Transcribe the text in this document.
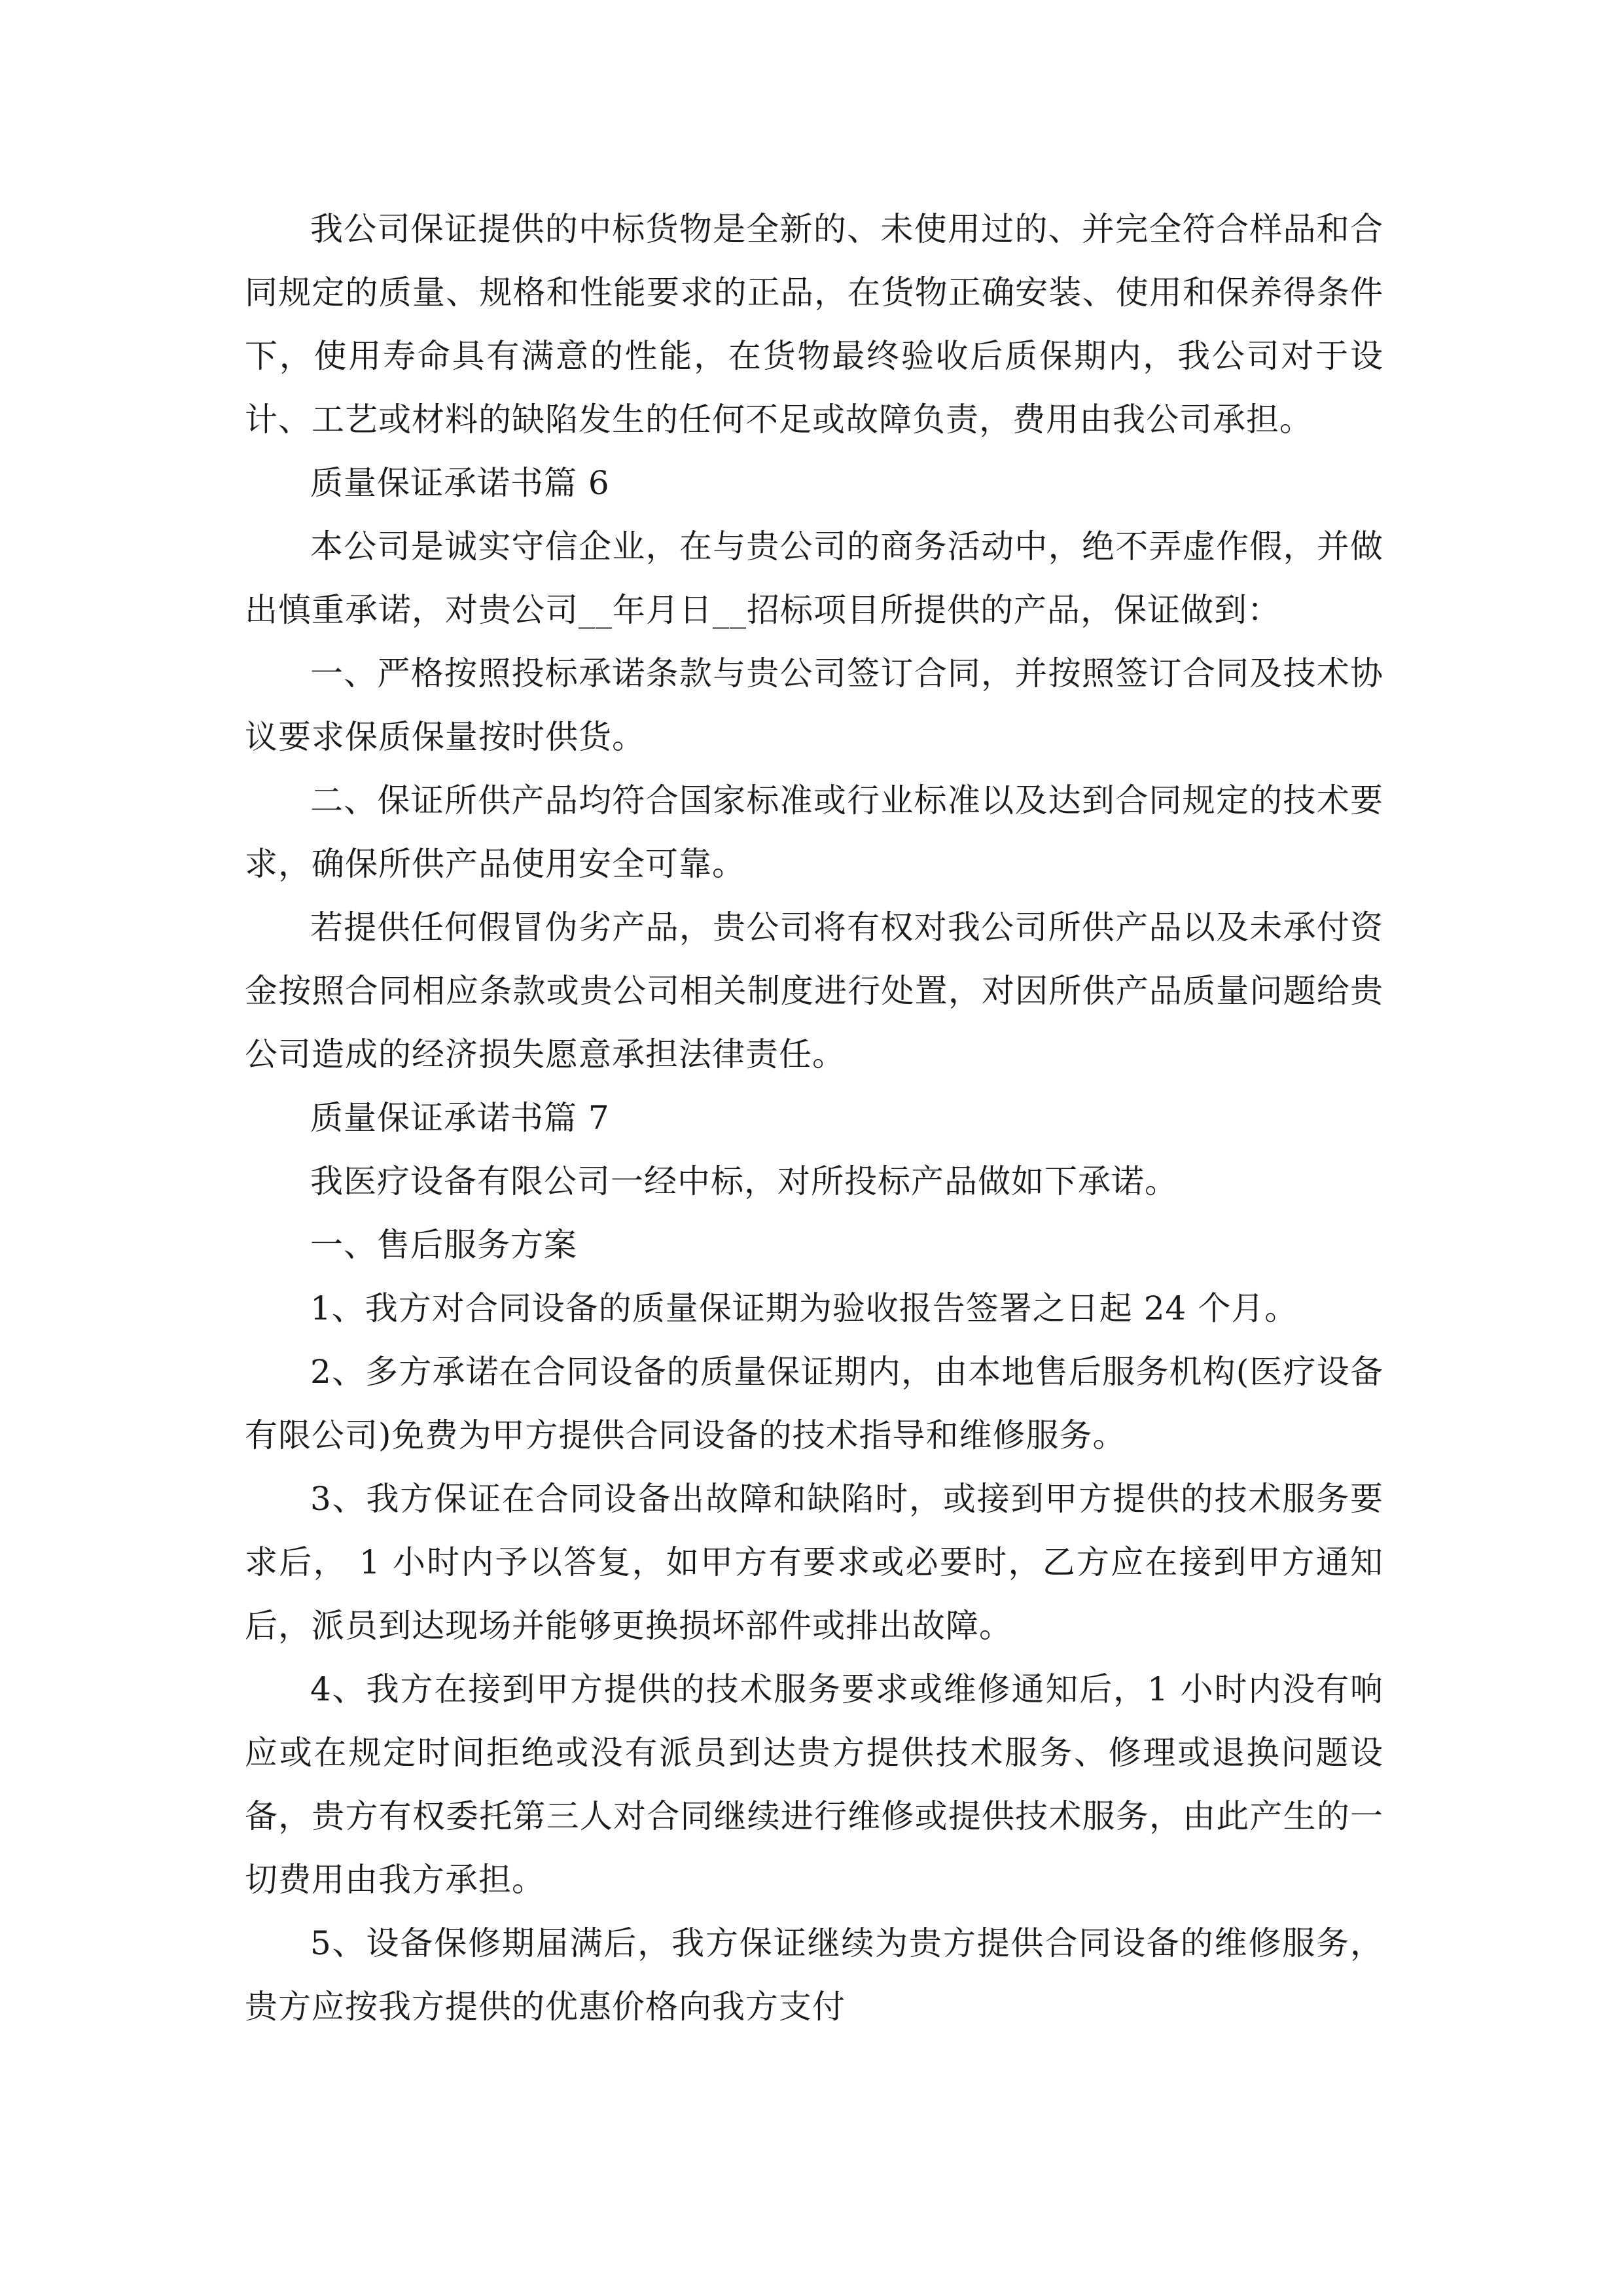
我公司保证提供的中标货物是全新的、未使用过的、并完全符合样品和合同规定的质量、规格和性能要求的正品，在货物正确安装、使用和保养得条件下，使用寿命具有满意的性能，在货物最终验收后质保期内，我公司对于设计、工艺或材料的缺陷发生的任何不足或故障负责，费用由我公司承担。

质量保证承诺书篇 6

本公司是诚实守信企业，在与贵公司的商务活动中，绝不弄虚作假，并做出慎重承诺，对贵公司__年月日__招标项目所提供的产品，保证做到：

一、严格按照投标承诺条款与贵公司签订合同，并按照签订合同及技术协议要求保质保量按时供货。

二、保证所供产品均符合国家标准或行业标准以及达到合同规定的技术要求，确保所供产品使用安全可靠。

若提供任何假冒伪劣产品，贵公司将有权对我公司所供产品以及未承付资金按照合同相应条款或贵公司相关制度进行处置，对因所供产品质量问题给贵公司造成的经济损失愿意承担法律责任。

质量保证承诺书篇 7

我医疗设备有限公司一经中标，对所投标产品做如下承诺。

一、售后服务方案

1、我方对合同设备的质量保证期为验收报告签署之日起 24 个月。

2、多方承诺在合同设备的质量保证期内，由本地售后服务机构(医疗设备有限公司)免费为甲方提供合同设备的技术指导和维修服务。

3、我方保证在合同设备出故障和缺陷时，或接到甲方提供的技术服务要求后， 1 小时内予以答复，如甲方有要求或必要时，乙方应在接到甲方通知后，派员到达现场并能够更换损坏部件或排出故障。

4、我方在接到甲方提供的技术服务要求或维修通知后，1 小时内没有响应或在规定时间拒绝或没有派员到达贵方提供技术服务、修理或退换问题设备，贵方有权委托第三人对合同继续进行维修或提供技术服务，由此产生的一切费用由我方承担。

5、设备保修期届满后，我方保证继续为贵方提供合同设备的维修服务，贵方应按我方提供的优惠价格向我方支付
